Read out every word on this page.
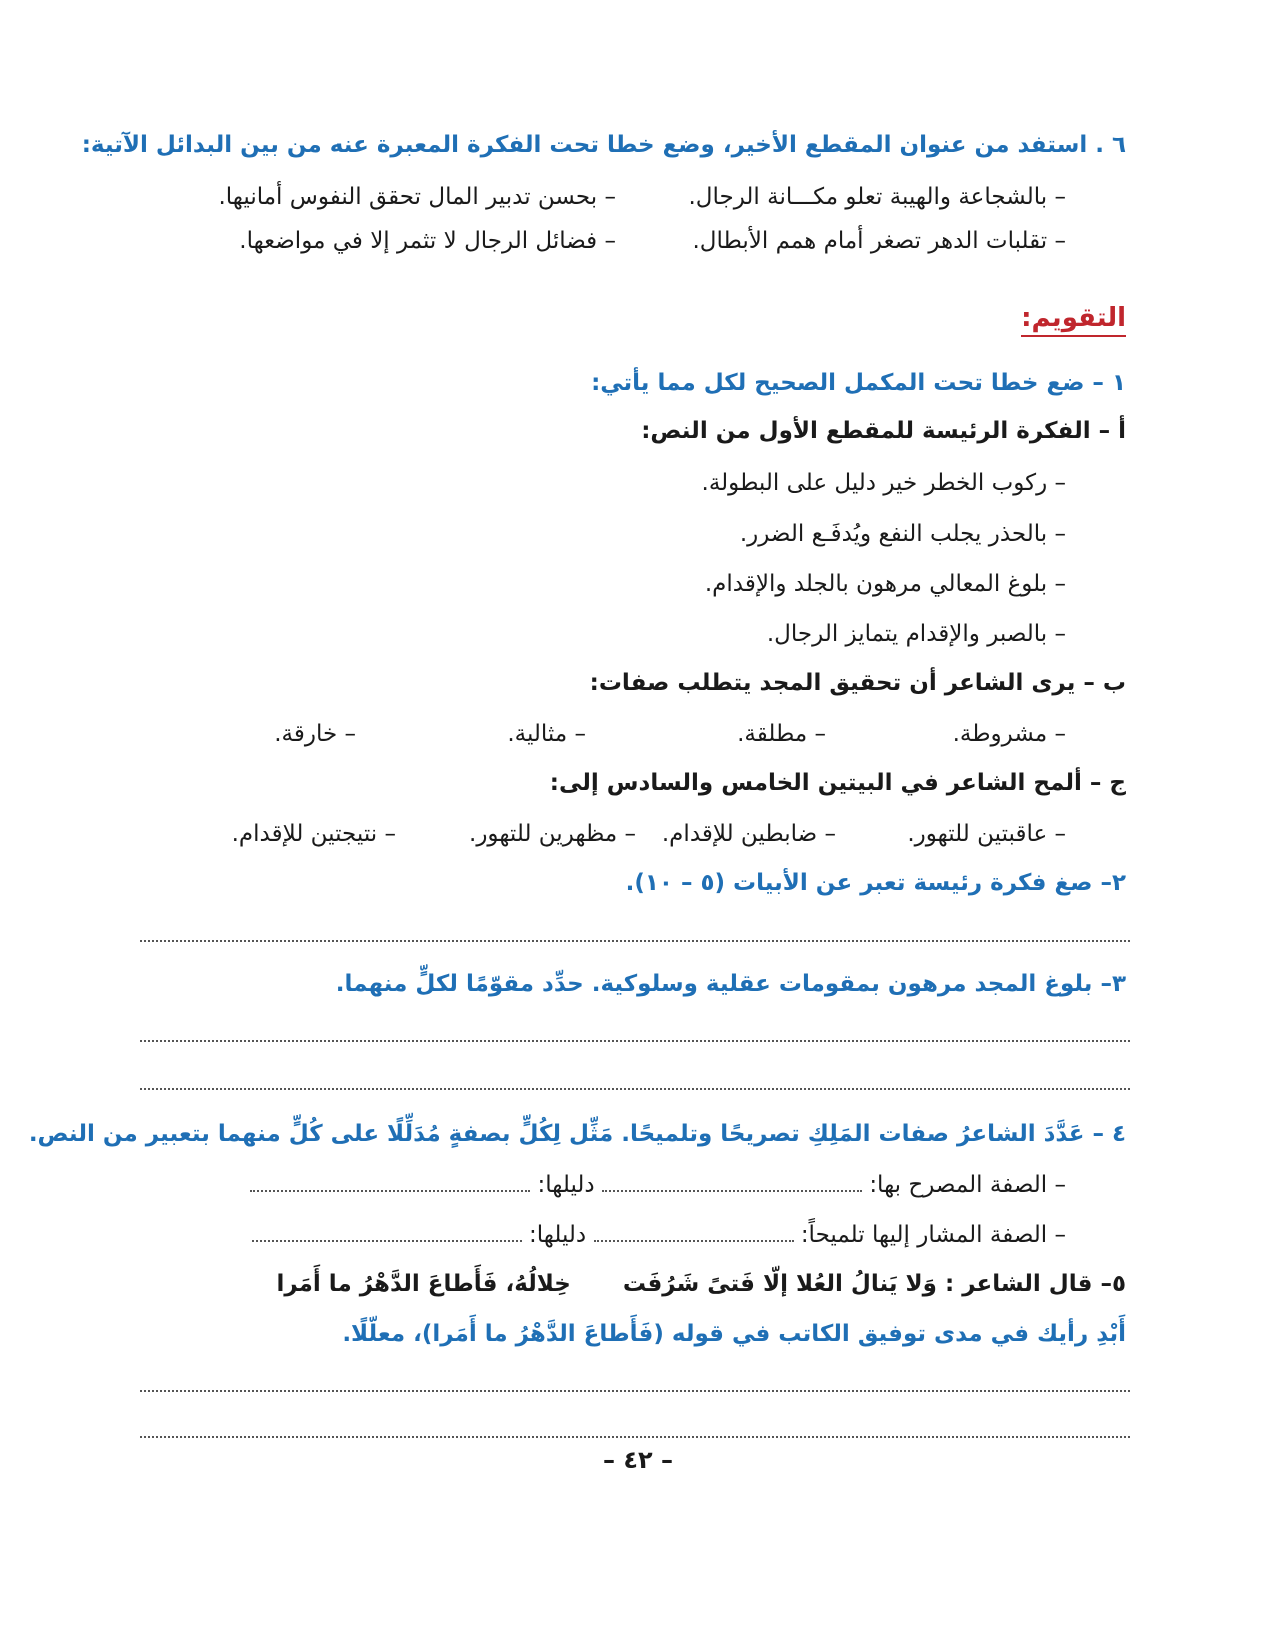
٦ . استفد من عنوان المقطع الأخير، وضع خطا تحت الفكرة المعبرة عنه من بين البدائل الآتية:
– بالشجاعة والهيبة تعلو مكـــانة الرجال.
– بحسن تدبير المال تحقق النفوس أمانيها.
– تقلبات الدهر تصغر أمام همم الأبطال.
– فضائل الرجال لا تثمر إلا في مواضعها.
التقويم:
١ – ضع خطا تحت المكمل الصحيح لكل مما يأتي:
أ – الفكرة الرئيسة للمقطع الأول من النص:
– ركوب الخطر خير دليل على البطولة.
– بالحذر يجلب النفع ويُدفَـع الضرر.
– بلوغ المعالي مرهون بالجلد والإقدام.
– بالصبر والإقدام يتمايز الرجال.
ب – يرى الشاعر أن تحقيق المجد يتطلب صفات:
– مشروطة.
– مطلقة.
– مثالية.
– خارقة.
ج – ألمح الشاعر في البيتين الخامس والسادس إلى:
– عاقبتين للتهور.
– ضابطين للإقدام.
– مظهرين للتهور.
– نتيجتين للإقدام.
٢– صغ فكرة رئيسة تعبر عن الأبيات (٥ – ١٠).
٣– بلوغ المجد مرهون بمقومات عقلية وسلوكية. حدِّد مقوّمًا لكلٍّ منهما.
٤ – عَدَّدَ الشاعرُ صفات المَلِكِ تصريحًا وتلميحًا. مَثِّل لِكُلٍّ بصفةٍ مُدَلِّلًا على كُلٍّ منهما بتعبير من النص.
– الصفة المصرح بها:  دليلها:
– الصفة المشار إليها تلميحاً:  دليلها:
٥– قال الشاعر : وَلا يَنالُ العُلا إلّا فَتىً شَرُفَت  خِلالُهُ، فَأَطاعَ الدَّهْرُ ما أَمَرا
أَبْدِ رأيك في مدى توفيق الكاتب في قوله (فَأَطاعَ الدَّهْرُ ما أَمَرا)، معلّلًا.
– ٤٢ –
